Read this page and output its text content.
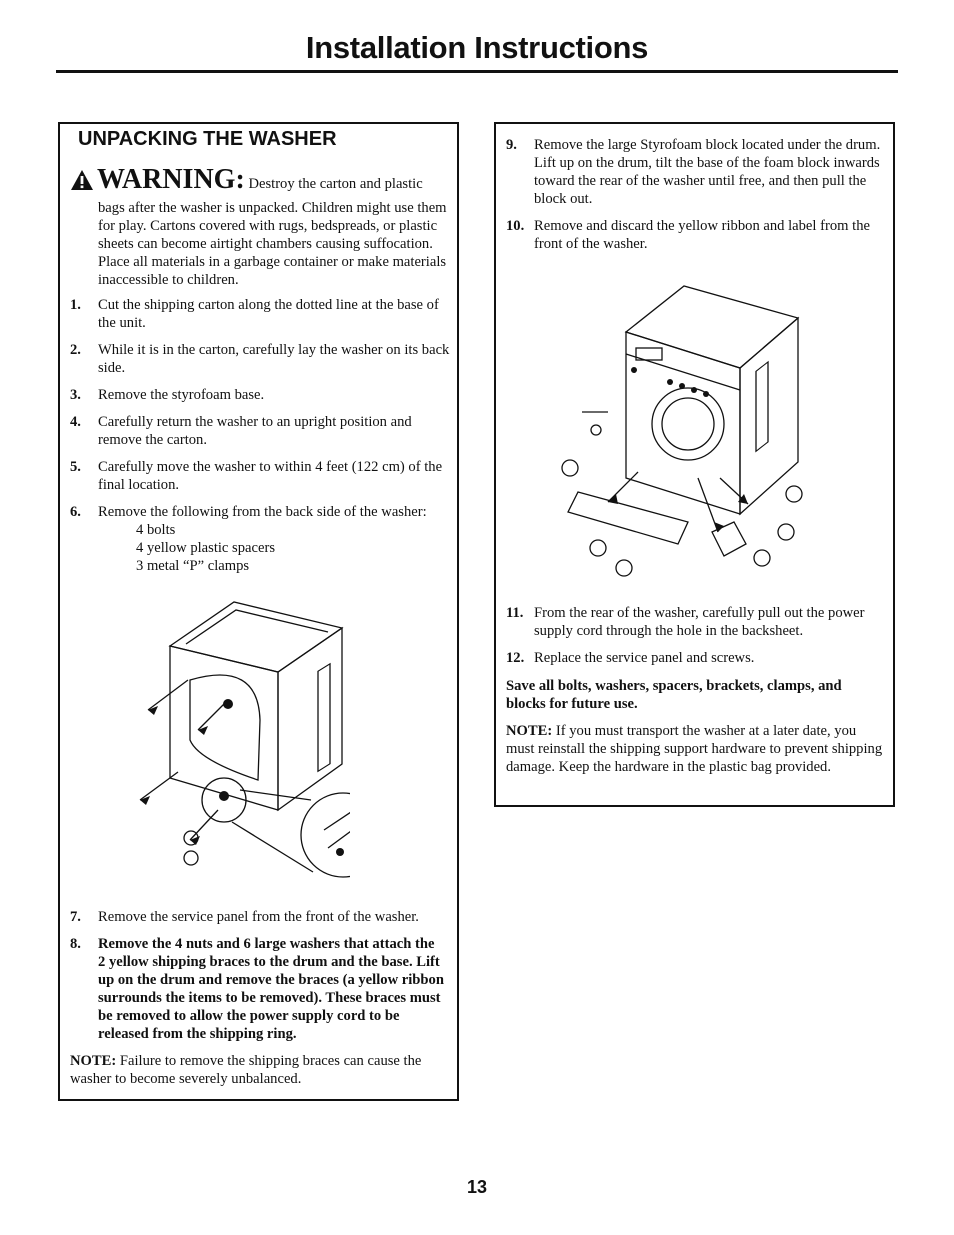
Installation Instructions
UNPACKING THE WASHER
WARNING: Destroy the carton and plastic
bags after the washer is unpacked. Children might use them for play. Cartons covered with rugs, bedspreads, or plastic sheets can become airtight chambers causing suffocation. Place all materials in a garbage container or make materials inaccessible to children.
1. Cut the shipping carton along the dotted line at the base of the unit.
2. While it is in the carton, carefully lay the washer on its back side.
3. Remove the styrofoam base.
4. Carefully return the washer to an upright position and remove the carton.
5. Carefully move the washer to within 4 feet (122 cm) of the final location.
6. Remove the following from the back side of the washer:
4 bolts
4 yellow plastic spacers
3 metal “P” clamps
7. Remove the service panel from the front of the washer.
8. Remove the 4 nuts and 6 large washers that attach the 2 yellow shipping braces to the drum and the base. Lift up on the drum and remove the braces (a yellow ribbon surrounds the items to be removed). These braces must be removed to allow the power supply cord to be released from the shipping ring.
NOTE: Failure to remove the shipping braces can cause the washer to become severely unbalanced.
9. Remove the large Styrofoam block located under the drum. Lift up on the drum, tilt the base of the foam block inwards toward the rear of the washer until free, and then pull the block out.
10. Remove and discard the yellow ribbon and label from the front of the washer.
11. From the rear of the washer, carefully pull out the power supply cord through the hole in the backsheet.
12. Replace the service panel and screws.
Save all bolts, washers, spacers, brackets, clamps, and blocks for future use.
NOTE: If you must transport the washer at a later date, you must reinstall the shipping support hardware to prevent shipping damage. Keep the hardware in the plastic bag provided.
13
